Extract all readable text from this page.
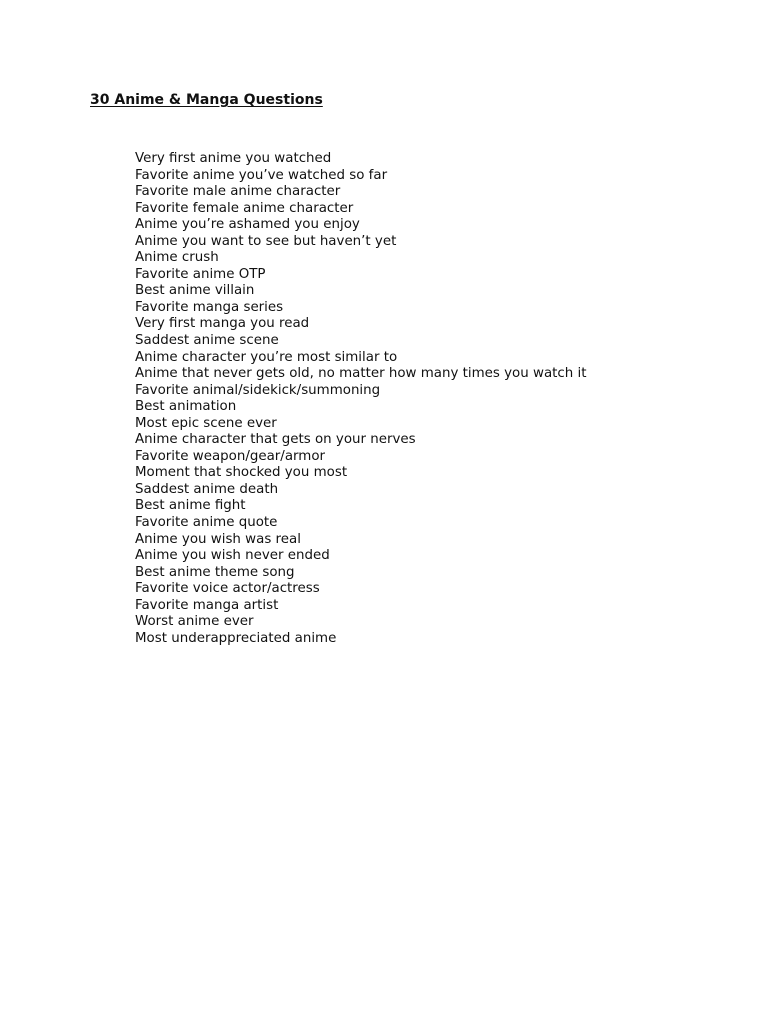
30 Anime & Manga Questions
Very first anime you watched
Favorite anime you’ve watched so far
Favorite male anime character
Favorite female anime character
Anime you’re ashamed you enjoy
Anime you want to see but haven’t yet
Anime crush
Favorite anime OTP
Best anime villain
Favorite manga series
Very first manga you read
Saddest anime scene
Anime character you’re most similar to
Anime that never gets old, no matter how many times you watch it
Favorite animal/sidekick/summoning
Best animation
Most epic scene ever
Anime character that gets on your nerves
Favorite weapon/gear/armor
Moment that shocked you most
Saddest anime death
Best anime fight
Favorite anime quote
Anime you wish was real
Anime you wish never ended
Best anime theme song
Favorite voice actor/actress
Favorite manga artist
Worst anime ever
Most underappreciated anime
